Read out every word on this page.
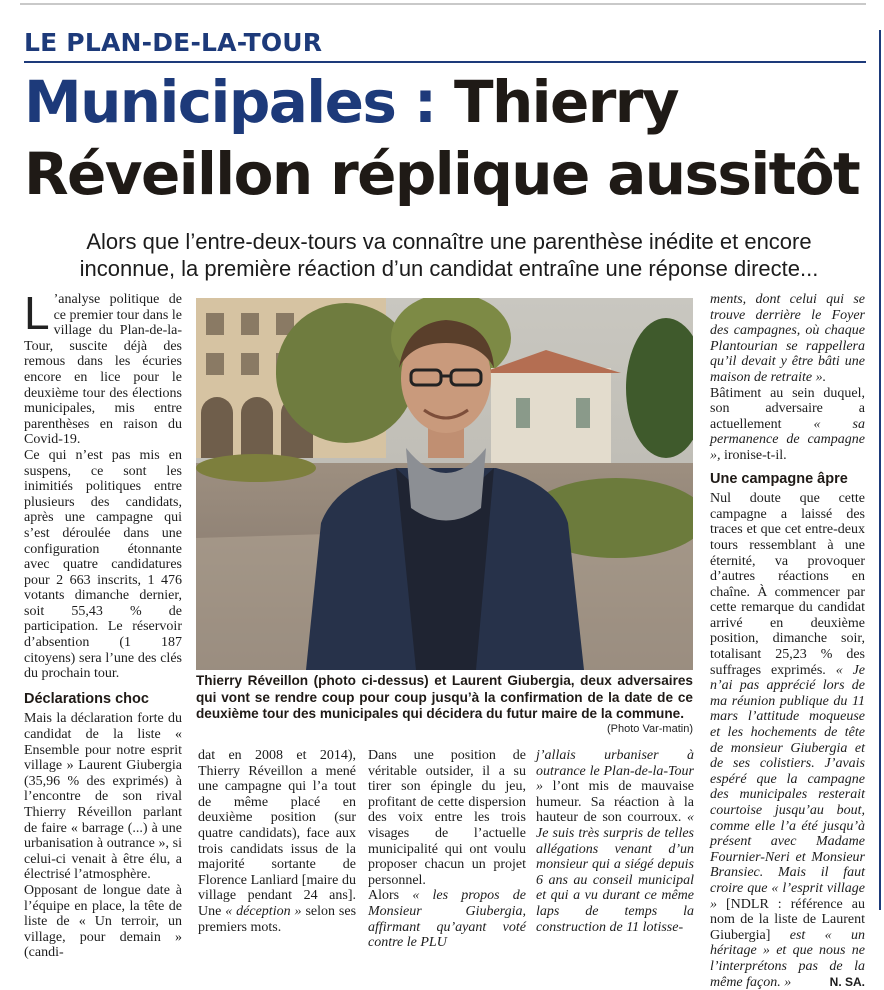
LE PLAN-DE-LA-TOUR
Municipales : Thierry
Réveillon réplique aussitôt

Alors que l’entre-deux-tours va connaître une parenthèse inédite et encore
inconnue, la première réaction d’un candidat entraîne une réponse directe...

L ’analyse politique de ce premier tour dans le village du Plan-de-la-Tour, suscite déjà des remous dans les écuries encore en lice pour le deuxième tour des élections municipales, mis entre parenthèses en raison du Covid-19.

Ce qui n’est pas mis en suspens, ce sont les inimitiés politiques entre plusieurs des candidats, après une campagne qui s’est déroulée dans une configuration étonnante avec quatre candidatures pour 2 663 inscrits, 1 476 votants dimanche dernier, soit 55,43 % de participation. Le réservoir d’absention (1 187 citoyens) sera l’une des clés du prochain tour.

Déclarations choc

Mais la déclaration forte du candidat de la liste « Ensemble pour notre esprit village » Laurent Giubergia (35,96 % des exprimés) à l’encontre de son rival Thierry Réveillon parlant de faire « barrage (...) à une urbanisation à outrance », si celui-ci venait à être élu, a électrisé l’atmosphère.

Opposant de longue date à l’équipe en place, la tête de liste de « Un terroir, un village, pour demain » (candi-

Thierry Réveillon (photo ci-dessus) et Laurent Giubergia, deux adversaires qui vont se rendre coup pour coup jusqu’à la confirmation de la date de ce deuxième tour des municipales qui décidera du futur maire de la commune.
(Photo Var-matin)

dat en 2008 et 2014), Thierry Réveillon a mené une campagne qui l’a tout de même placé en deuxième position (sur quatre candidats), face aux trois candidats issus de la majorité sortante de Florence Lanliard [maire du village pendant 24 ans]. Une « déception » selon ses premiers mots.

Dans une position de véritable outsider, il a su tirer son épingle du jeu, profitant de cette dispersion des voix entre les trois visages de l’actuelle municipalité qui ont voulu proposer chacun un projet personnel.

Alors « les propos de Monsieur Giubergia, affirmant qu’ayant voté contre le PLU

j’allais urbaniser à outrance le Plan-de-la-Tour » l’ont mis de mauvaise humeur. Sa réaction à la hauteur de son courroux. « Je suis très surpris de telles allégations venant d’un monsieur qui a siégé depuis 6 ans au conseil municipal et qui a vu durant ce même laps de temps la construction de 11 lotisse-

ments, dont celui qui se trouve derrière le Foyer des campagnes, où chaque Plantourian se rappellera qu’il devait y être bâti une maison de retraite ».

Bâtiment au sein duquel, son adversaire a actuellement « sa permanence de campagne », ironise-t-il.

Une campagne âpre

Nul doute que cette campagne a laissé des traces et que cet entre-deux tours ressemblant à une éternité, va provoquer d’autres réactions en chaîne. À commencer par cette remarque du candidat arrivé en deuxième position, dimanche soir, totalisant 25,23 % des suffrages exprimés. « Je n’ai pas apprécié lors de ma réunion publique du 11 mars l’attitude moqueuse et les hochements de tête de monsieur Giubergia et de ses colistiers. J’avais espéré que la campagne des municipales resterait courtoise jusqu’au bout, comme elle l’a été jusqu’à présent avec Madame Fournier-Neri et Monsieur Bransiec. Mais il faut croire que « l’esprit village » [NDLR : référence au nom de la liste de Laurent Giubergia] est « un héritage » et que nous ne l’interprétons pas de la même façon. »	N. SA.
